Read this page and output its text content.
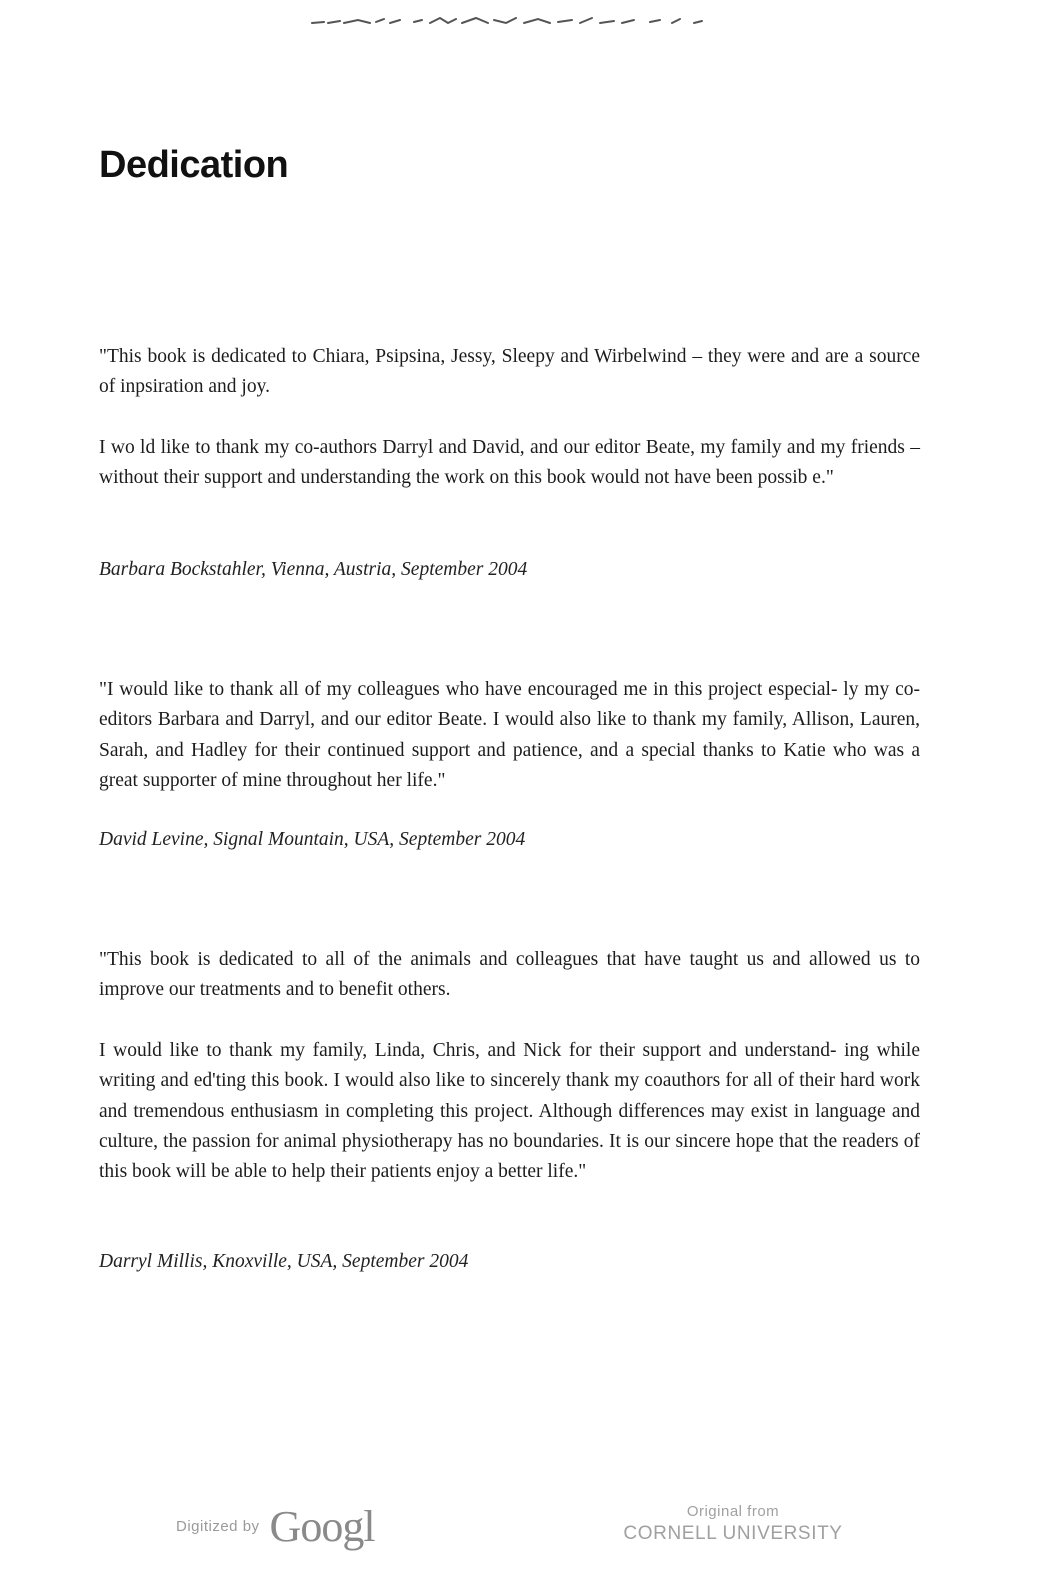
Dedication

"This book is dedicated to Chiara, Psipsina, Jessy, Sleepy and Wirbelwind – they were and are a source of inpsiration and joy.

I wo ld like to thank my co-authors Darryl and David, and our editor Beate, my family and my friends – without their support and understanding the work on this book would not have been possib e."

Barbara Bockstahler, Vienna, Austria, September 2004

"I would like to thank all of my colleagues who have encouraged me in this project especial- ly my co-editors Barbara and Darryl, and our editor Beate. I would also like to thank my family, Allison, Lauren, Sarah, and Hadley for their continued support and patience, and a special thanks to Katie who was a great supporter of mine throughout her life."

David Levine, Signal Mountain, USA, September 2004

"This book is dedicated to all of the animals and colleagues that have taught us and allowed us to improve our treatments and to benefit others.

I would like to thank my family, Linda, Chris, and Nick for their support and understand- ing while writing and ed'ting this book. I would also like to sincerely thank my coauthors for all of their hard work and tremendous enthusiasm in completing this project. Although differences may exist in language and culture, the passion for animal physiotherapy has no boundaries. It is our sincere hope that the readers of this book will be able to help their patients enjoy a better life."

Darryl Millis, Knoxville, USA, September 2004

Digitized by Googl	Original from
CORNELL UNIVERSITY
